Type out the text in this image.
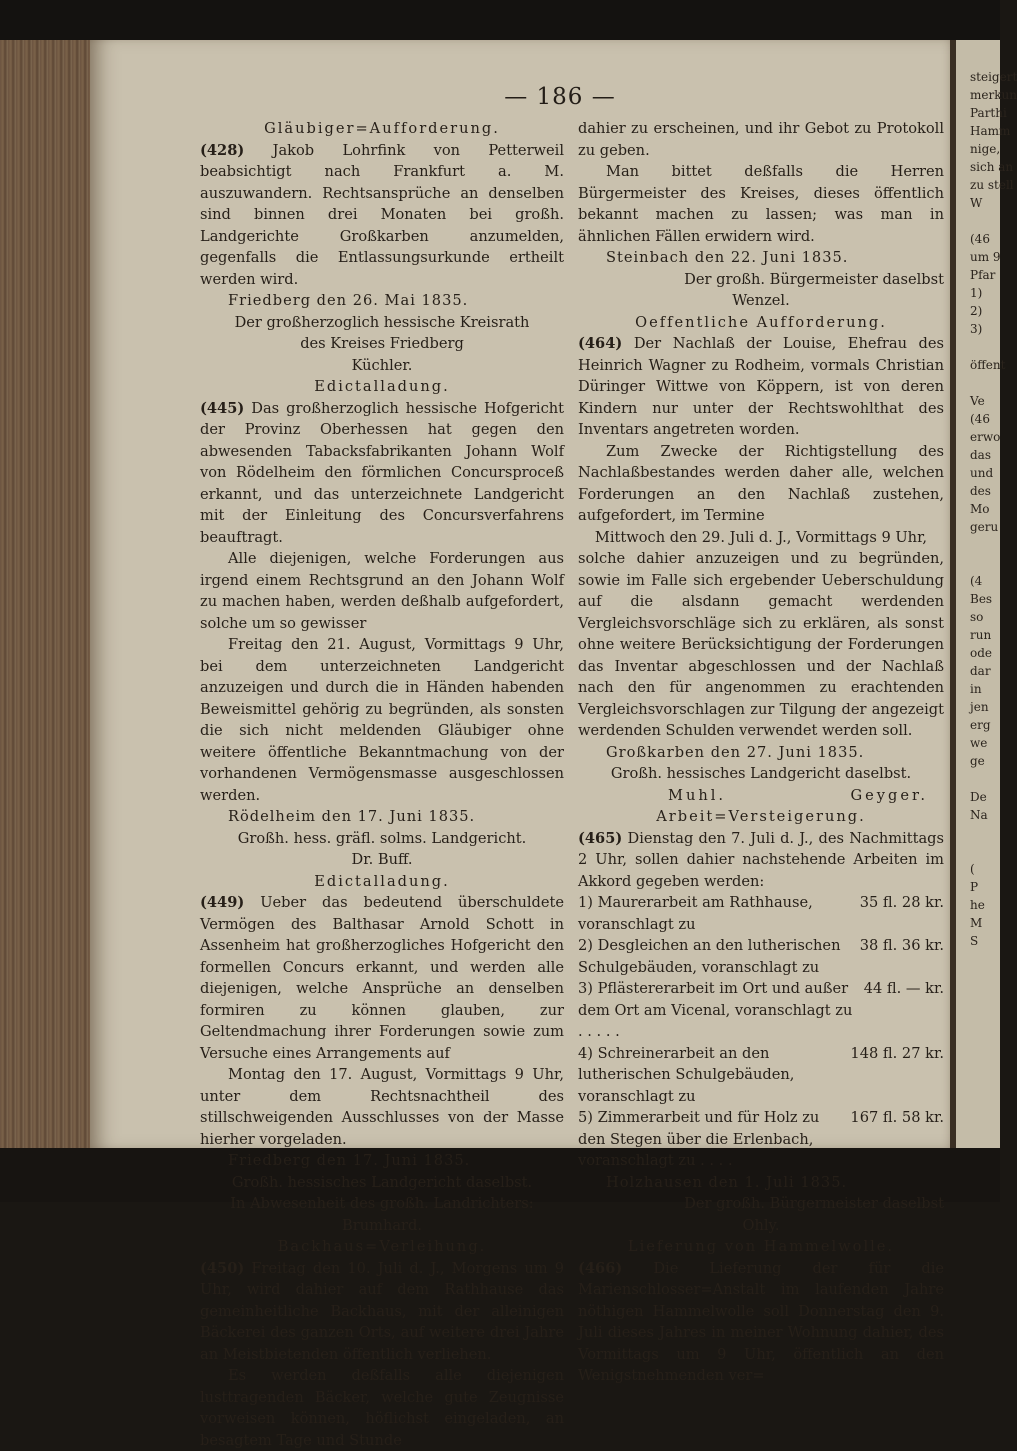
steigert
merkun
Parthi
Hamm
nige,
sich an
zu stell
W

(46
um 9
Pfar
1)
2)
3)

öffent

Ve
(46
erwo
das
und
des
Mo
geru

(4
Bes
so
run
ode
dar
in
jen
erg
we
ge

De
Na

(
P
he
M
S
— 186 —

Gläubiger=Aufforderung.

(428) Jakob Lohrfink von Petterweil beabsichtigt nach Frankfurt a. M. auszuwandern. Rechtsansprüche an denselben sind binnen drei Monaten bei großh. Landgerichte Großkarben anzumelden, gegenfalls die Entlassungsurkunde ertheilt werden wird.

Friedberg den 26. Mai 1835.

Der großherzoglich hessische Kreisrath

des Kreises Friedberg

Küchler.

Edictalladung.

(445) Das großherzoglich hessische Hofgericht der Provinz Oberhessen hat gegen den abwesenden Tabacksfabrikanten Johann Wolf von Rödelheim den förmlichen Concursproceß erkannt, und das unterzeichnete Landgericht mit der Einleitung des Concursverfahrens beauftragt.

Alle diejenigen, welche Forderungen aus irgend einem Rechtsgrund an den Johann Wolf zu machen haben, werden deßhalb aufgefordert, solche um so gewisser

Freitag den 21. August, Vormittags 9 Uhr, bei dem unterzeichneten Landgericht anzuzeigen und durch die in Händen habenden Beweismittel gehörig zu begründen, als sonsten die sich nicht meldenden Gläubiger ohne weitere öffentliche Bekanntmachung von der vorhandenen Vermögensmasse ausgeschlossen werden.

Rödelheim den 17. Juni 1835.

Großh. hess. gräfl. solms. Landgericht.

Dr. Buff.

Edictalladung.

(449) Ueber das bedeutend überschuldete Vermögen des Balthasar Arnold Schott in Assenheim hat großherzogliches Hofgericht den formellen Concurs erkannt, und werden alle diejenigen, welche Ansprüche an denselben formiren zu können glauben, zur Geltendmachung ihrer Forderungen sowie zum Versuche eines Arrangements auf

Montag den 17. August, Vormittags 9 Uhr, unter dem Rechtsnachtheil des stillschweigenden Ausschlusses von der Masse hierher vorgeladen.

Friedberg den 17. Juni 1835.

Großh. hessisches Landgericht daselbst.

In Abwesenheit des großh. Landrichters:

Brumhard.

Backhaus=Verleihung.

(450) Freitag den 10. Juli d. J., Morgens um 9 Uhr, wird dahier auf dem Rathhause das gemeinheitliche Backhaus, mit der alleinigen Bäckerei des ganzen Orts, auf weitere drei Jahre an Meistbietenden öffentlich verliehen.

Es werden deßfalls alle diejenigen lusttragenden Bäcker, welche gute Zeugnisse vorweisen können, höflichst eingeladen, an besagtem Tage und Stunde

dahier zu erscheinen, und ihr Gebot zu Protokoll zu geben.

Man bittet deßfalls die Herren Bürgermeister des Kreises, dieses öffentlich bekannt machen zu lassen; was man in ähnlichen Fällen erwidern wird.

Steinbach den 22. Juni 1835.

Der großh. Bürgermeister daselbst

Wenzel.

Oeffentliche Aufforderung.

(464) Der Nachlaß der Louise, Ehefrau des Heinrich Wagner zu Rodheim, vormals Christian Düringer Wittwe von Köppern, ist von deren Kindern nur unter der Rechtswohlthat des Inventars angetreten worden.

Zum Zwecke der Richtigstellung des Nachlaßbestandes werden daher alle, welchen Forderungen an den Nachlaß zustehen, aufgefordert, im Termine

Mittwoch den 29. Juli d. J., Vormittags 9 Uhr,

solche dahier anzuzeigen und zu begründen, sowie im Falle sich ergebender Ueberschuldung auf die alsdann gemacht werdenden Vergleichsvorschläge sich zu erklären, als sonst ohne weitere Berücksichtigung der Forderungen das Inventar abgeschlossen und der Nachlaß nach den für angenommen zu erachtenden Vergleichsvorschlagen zur Tilgung der angezeigt werdenden Schulden verwendet werden soll.

Großkarben den 27. Juni 1835.

Großh. hessisches Landgericht daselbst.

Muhl.	Geyger.

Arbeit=Versteigerung.

(465) Dienstag den 7. Juli d. J., des Nachmittags 2 Uhr, sollen dahier nachstehende Arbeiten im Akkord gegeben werden:

1) Maurerarbeit am Rathhause, voranschlagt zu
35 fl. 28 kr.
2) Desgleichen an den lutherischen Schulgebäuden, voranschlagt zu
38 fl. 36 kr.
3) Pflästererarbeit im Ort und außer dem Ort am Vicenal, voranschlagt zu . . . . .
44 fl. — kr.
4) Schreinerarbeit an den lutherischen Schulgebäuden, voranschlagt zu
148 fl. 27 kr.
5) Zimmerarbeit und für Holz zu den Stegen über die Erlenbach, voranschlagt zu . . . .
167 fl. 58 kr.

Holzhausen den 1. Juli 1835.

Der großh. Bürgermeister daselbst

Ohly.

Lieferung von Hammelwolle.

(466) Die Lieferung der für die Marienschlosser=Anstalt im laufenden Jahre nöthigen Hammelwolle soll Donnerstag den 9. Juli dieses Jahres in meiner Wohnung dahier, des Vormittags um 9 Uhr, öffentlich an den Wenigstnehmenden ver=
